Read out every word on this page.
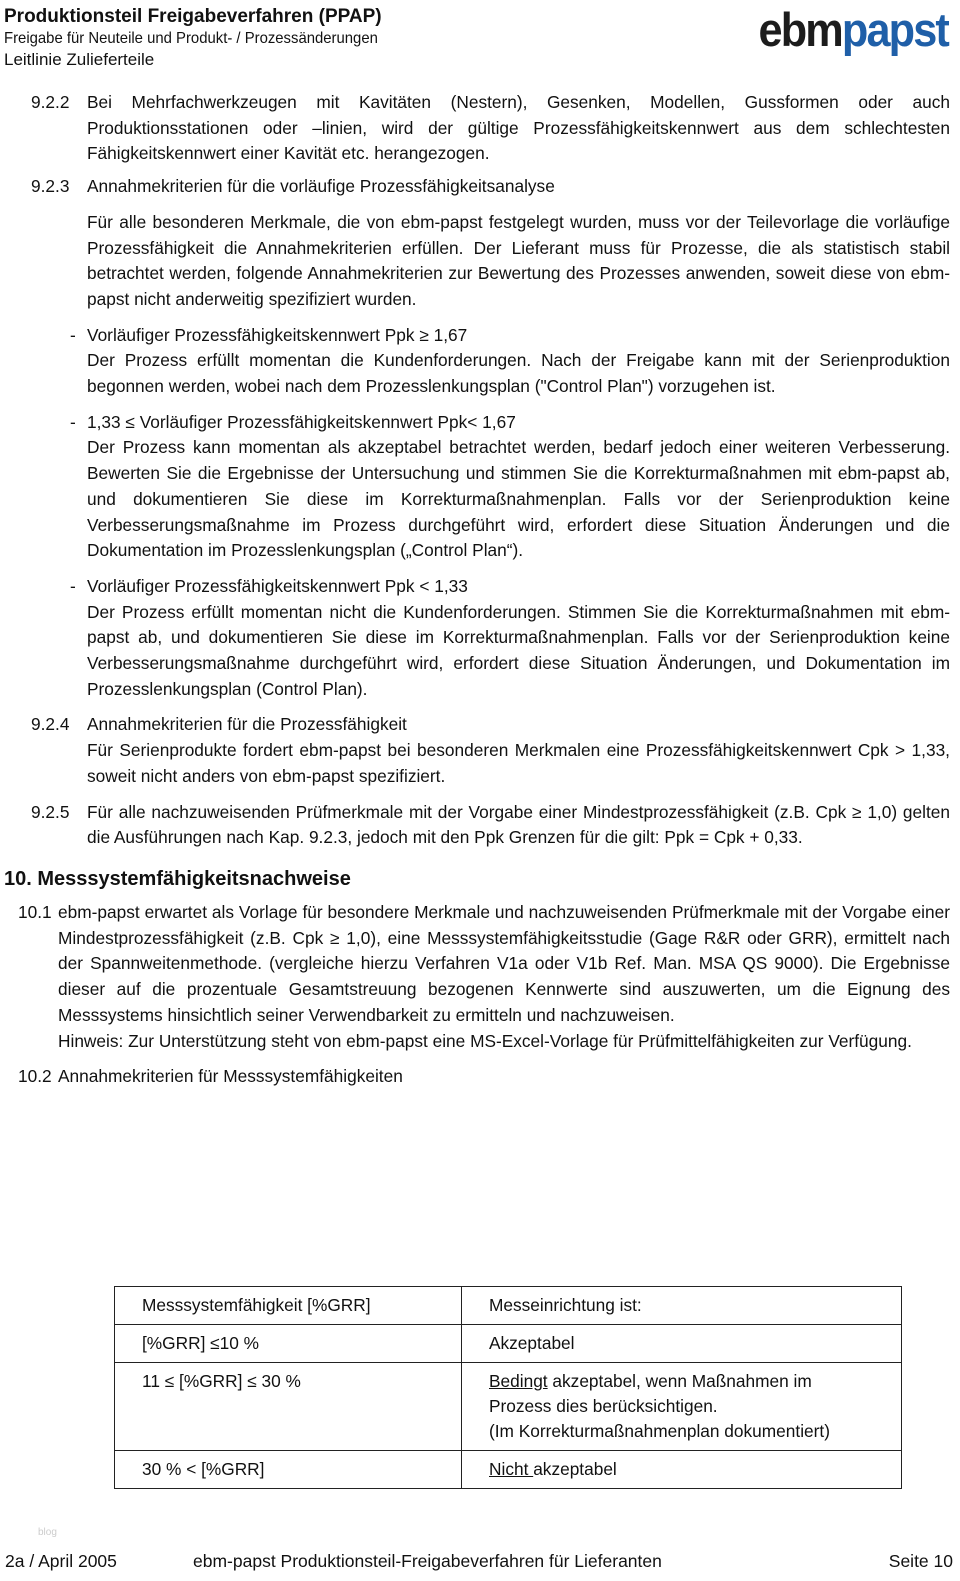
Produktionsteil Freigabeverfahren (PPAP)
Freigabe für Neuteile und Produkt- / Prozessänderungen
Leitlinie Zulieferteile
ebmpapst
9.2.2 Bei Mehrfachwerkzeugen mit Kavitäten (Nestern), Gesenken, Modellen, Gussformen oder auch Produktionsstationen oder –linien, wird der gültige Prozessfähigkeitskennwert aus dem schlechtesten Fähigkeitskennwert einer Kavität etc. herangezogen.
9.2.3 Annahmekriterien für die vorläufige Prozessfähigkeitsanalyse
Für alle besonderen Merkmale, die von ebm-papst festgelegt wurden, muss vor der Teilevorlage die vorläufige Prozessfähigkeit die Annahmekriterien erfüllen. Der Lieferant muss für Prozesse, die als statistisch stabil betrachtet werden, folgende Annahmekriterien zur Bewertung des Prozesses anwenden, soweit diese von ebm-papst nicht anderweitig spezifiziert wurden.
- Vorläufiger Prozessfähigkeitskennwert Ppk ≥ 1,67
Der Prozess erfüllt momentan die Kundenforderungen. Nach der Freigabe kann mit der Serienproduktion begonnen werden, wobei nach dem Prozesslenkungsplan ("Control Plan") vorzugehen ist.
- 1,33 ≤ Vorläufiger Prozessfähigkeitskennwert Ppk< 1,67
Der Prozess kann momentan als akzeptabel betrachtet werden, bedarf jedoch einer weiteren Verbesserung. Bewerten Sie die Ergebnisse der Untersuchung und stimmen Sie die Korrekturmaßnahmen mit ebm-papst ab, und dokumentieren Sie diese im Korrekturmaßnahmenplan. Falls vor der Serienproduktion keine Verbesserungsmaßnahme im Prozess durchgeführt wird, erfordert diese Situation Änderungen und die Dokumentation im Prozesslenkungsplan („Control Plan“).
- Vorläufiger Prozessfähigkeitskennwert Ppk < 1,33
Der Prozess erfüllt momentan nicht die Kundenforderungen. Stimmen Sie die Korrekturmaßnahmen mit ebm-papst ab, und dokumentieren Sie diese im Korrekturmaßnahmenplan. Falls vor der Serienproduktion keine Verbesserungsmaßnahme durchgeführt wird, erfordert diese Situation Änderungen, und Dokumentation im Prozesslenkungsplan (Control Plan).
9.2.4 Annahmekriterien für die Prozessfähigkeit
Für Serienprodukte fordert ebm-papst bei besonderen Merkmalen eine Prozessfähigkeitskennwert Cpk > 1,33, soweit nicht anders von ebm-papst spezifiziert.
9.2.5 Für alle nachzuweisenden Prüfmerkmale mit der Vorgabe einer Mindestprozessfähigkeit (z.B. Cpk ≥ 1,0) gelten die Ausführungen nach Kap. 9.2.3, jedoch mit den Ppk Grenzen für die gilt: Ppk = Cpk + 0,33.
10. Messsystemfähigkeitsnachweise
10.1 ebm-papst erwartet als Vorlage für besondere Merkmale und nachzuweisenden Prüfmerkmale mit der Vorgabe einer Mindestprozessfähigkeit (z.B. Cpk ≥ 1,0), eine Messsystemfähigkeitsstudie (Gage R&R oder GRR), ermittelt nach der Spannweitenmethode. (vergleiche hierzu Verfahren V1a oder V1b Ref. Man. MSA QS 9000). Die Ergebnisse dieser auf die prozentuale Gesamtstreuung bezogenen Kennwerte sind auszuwerten, um die Eignung des Messsystems hinsichtlich seiner Verwendbarkeit zu ermitteln und nachzuweisen.
Hinweis: Zur Unterstützung steht von ebm-papst eine MS-Excel-Vorlage für Prüfmittelfähigkeiten zur Verfügung.
10.2 Annahmekriterien für Messsystemfähigkeiten
Messsystemfähigkeit [%GRR]	Messeinrichtung ist:
[%GRR] ≤10 %	Akzeptabel
11 ≤ [%GRR] ≤ 30 %	Bedingt akzeptabel, wenn Maßnahmen im
Prozess dies berücksichtigen.
(Im Korrekturmaßnahmenplan dokumentiert)
30 % < [%GRR]	Nicht akzeptabel
blog
2a / April 2005	ebm-papst Produktionsteil-Freigabeverfahren für Lieferanten	Seite 10
